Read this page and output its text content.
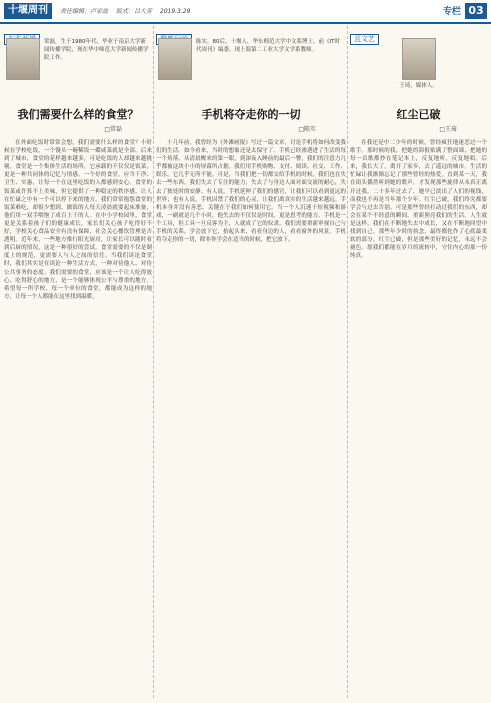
十堰周刊	责任编辑：卢家波 版式：吕大芳 2019.3.29	专栏 03
常磊，生于1980年代，毕业于南京大学新闻传播学院，现在华中师范大学新闻传播学院工作。
我们需要什么样的食堂？
□常磊

在外面吃饭时常常会想，我们需要什么样的食堂？小时候在学校吃饭，一个馒头一碗稀饭一碟咸菜就是全部。后来到了城市，食堂的花样越来越多，可是吃饭的人却越来越挑剔。食堂是一个集体生活的场所，它承载的不仅仅是饭菜，更是一种共同体的记忆与情感。一个好的食堂，应当干净、卫生、实惠，让每一个在这里吃饭的人都感到安心。食堂的饭菜或许算不上美味，但它提供了一种稳定的秩序感，让人在忙碌之中有一个可以停下来的地方。我们常常抱怨食堂的饭菜难吃，却很少想到，做饭的人每天凌晨就要起床准备，他们用一双手喂饱了成百上千的人。在中小学校园里，食堂更是关系着孩子们的健康成长。家长们关心孩子吃得好不好，学校关心食品安全有没有保障，社会关心餐饮管理是否透明。近年来，一些地方推行阳光厨房，让家长可以随时看到后厨的情况，这是一种很好的尝试。食堂需要的不仅是制度上的规范，更需要人与人之间的信任。当我们谈论食堂时，我们其实是在谈论一种生活方式，一种对待他人、对待公共事务的态度。我们需要的食堂，应该是一个让人吃得放心、吃得舒心的地方，是一个能够体现公平与尊重的地方。希望每一所学校、每一个单位的食堂，都能成为这样的地方，让每一个人都能在这里找到温暖。

陈实，80后，十堰人，华东师范大学中文系博士，前《IT时代周刊》编委，现上海第二工业大学文学系教师。
手机将夺走你的一切
□陈实

十几年前，我曾经为《外滩画报》写过一篇文章，讨论手机将如何改变我们的生活。如今看来，当时的想象还是太保守了。手机已经渗透进了生活的每一个角落，从清晨醒来的第一眼，到深夜入睡前的最后一瞥，我们的注意力几乎都被这块小小的屏幕所占据。我们用手机购物、支付、阅读、社交、工作、娱乐，它几乎无所不能。可是，当我们把一切都交给手机的时候，我们也在失去一些东西。我们失去了专注的能力，失去了与身边人面对面交流的耐心，失去了独处时的安静。有人说，手机延伸了我们的感官，让我们可以看到更远的世界；也有人说，手机囚禁了我们的心灵，让我们离真实的生活越来越远。手机本身并没有善恶，关键在于我们如何使用它。当一个人沉迷于短视频和游戏，一刷就是几个小时，他失去的不仅仅是时间，更是思考的能力。手机是一个工具，但工具一旦反客为主，人就成了它的奴隶。我们需要重新审视自己与手机的关系，学会放下它，抬起头来，看看身边的人，看看窗外的风景。手机将夺走你的一切，除非你学会在适当的时候，把它放下。

且文艺
王琦，媒体人。
红尘已破
□王琦

在我还是中二少年的时候，曾经疯狂地迷恋过一个歌手。那时候的我，把她的海报贴满了整面墙，把她的每一首歌都抄在笔记本上，反复地听，反复地唱。后来，我长大了，离开了家乡，去了遥远的城市。生活的忙碌让我渐渐忘记了那些曾经的热爱。直到某一天，我在街头偶然听到她的歌声，才发现那些旋律从未真正离开过我。二十多年过去了，她早已淡出了人们的视线，而我也不再是当年那个少年。红尘已破，我们终究都要学会与过去告别。可是那些曾经打动过我们的东西，却会在某个不经意的瞬间，重新照亮我们的生活。人生就是这样，我们在不断地失去中成长，又在不断地回望中找到自己。那些年少时的执念，最终都化作了心底最柔软的部分。红尘已破，但是那些美好的记忆，永远不会褪色。愿我们都能在岁月的流转中，守住内心的那一份纯真。
